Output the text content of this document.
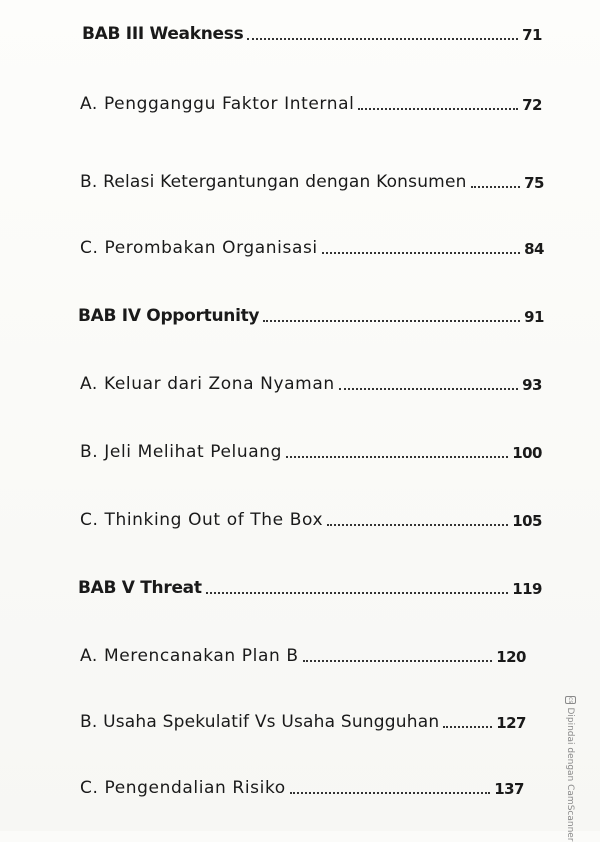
BAB III Weakness	71
A. Pengganggu Faktor Internal	72
B. Relasi Ketergantungan dengan Konsumen	75
C. Perombakan Organisasi	84
BAB IV Opportunity	91
A. Keluar dari Zona Nyaman	93
B. Jeli Melihat Peluang	100
C. Thinking Out of The Box	105
BAB V Threat	119
A. Merencanakan Plan B	120
B. Usaha Spekulatif Vs Usaha Sungguhan	127
C. Pengendalian Risiko	137
cs
Dipindai dengan CamScanner
